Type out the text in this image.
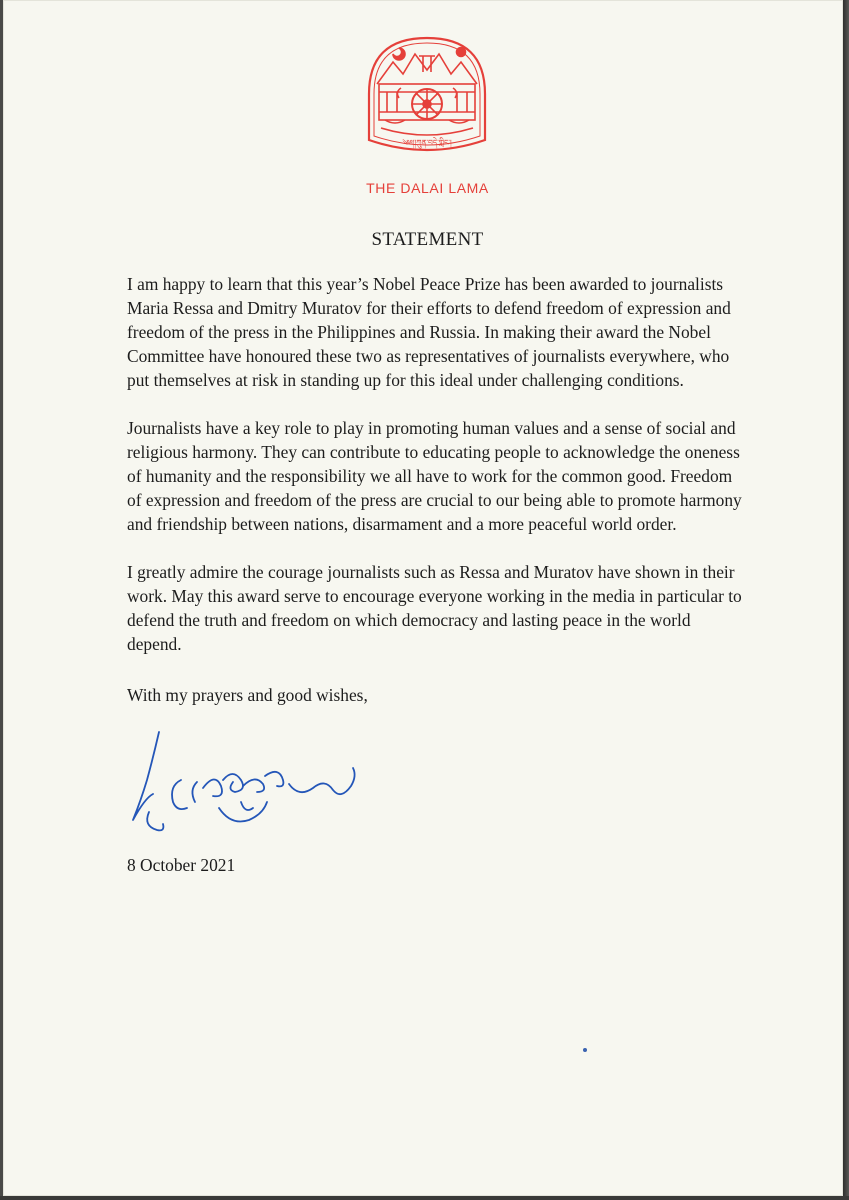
༄༅།།ཀུན་བདེ་གླིང་།
THE DALAI LAMA
STATEMENT

I am happy to learn that this year’s Nobel Peace Prize has been awarded to journalists Maria Ressa and Dmitry Muratov for their efforts to defend freedom of expression and freedom of the press in the Philippines and Russia. In making their award the Nobel Committee have honoured these two as representatives of journalists everywhere, who put themselves at risk in standing up for this ideal under challenging conditions.

Journalists have a key role to play in promoting human values and a sense of social and religious harmony. They can contribute to educating people to acknowledge the oneness of humanity and the responsibility we all have to work for the common good. Freedom of expression and freedom of the press are crucial to our being able to promote harmony and friendship between nations, disarmament and a more peaceful world order.

I greatly admire the courage journalists such as Ressa and Muratov have shown in their work. May this award serve to encourage everyone working in the media in particular to defend the truth and freedom on which democracy and lasting peace in the world depend.

With my prayers and good wishes,
8 October 2021
